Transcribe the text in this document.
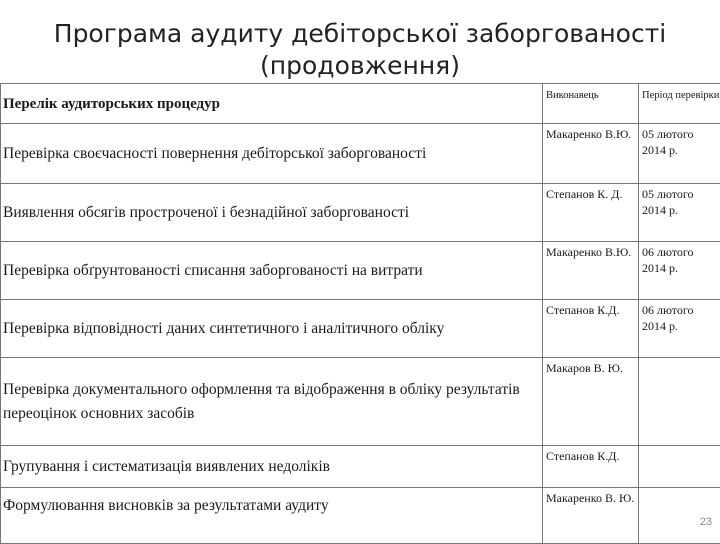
Програма аудиту дебіторської заборгованості
(продовження)
Перелік аудиторських процедур	Виконавець	Період перевірки
Перевірка своєчасності повернення дебіторської заборгованості	Макаренко В.Ю.	05 лютого 2014 р.
Виявлення обсягів простроченої і безнадійної заборгованості	Степанов К. Д.	05 лютого 2014 р.
Перевірка обґрунтованості списання заборгованості на витрати	Макаренко В.Ю.	06 лютого 2014 р.
Перевірка відповідності даних синтетичного і аналітичного обліку	Степанов К.Д.	06 лютого 2014 р.
Перевірка документального оформлення та відображення в обліку результатів переоцінок основних засобів	Макаров В. Ю.	
Групування і систематизація виявлених недоліків	Степанов К.Д.	
Формулювання висновків за результатами аудиту	Макаренко В. Ю.	
23
